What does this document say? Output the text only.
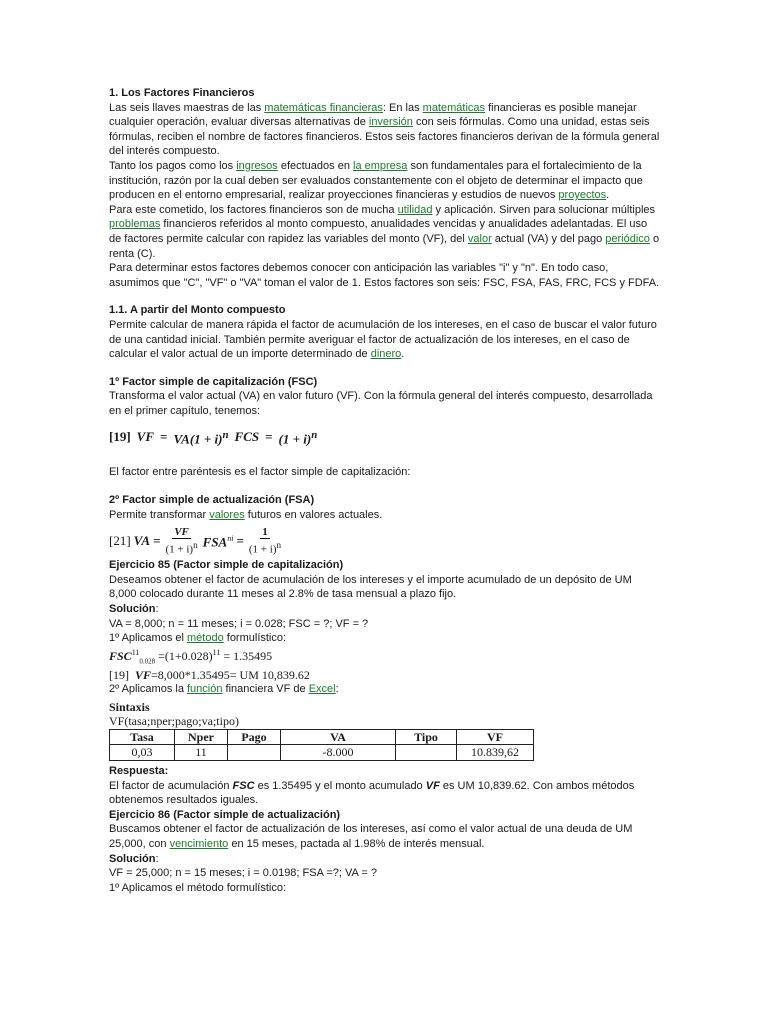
1. Los Factores Financieros

Las seis llaves maestras de las matemáticas financieras: En las matemáticas financieras es posible manejar cualquier operación, evaluar diversas alternativas de inversión con seis fórmulas. Como una unidad, estas seis fórmulas, reciben el nombre de factores financieros. Estos seis factores financieros derivan de la fórmula general del interés compuesto.

Tanto los pagos como los ingresos efectuados en la empresa son fundamentales para el fortalecimiento de la institución, razón por la cual deben ser evaluados constantemente con el objeto de determinar el impacto que producen en el entorno empresarial, realizar proyecciones financieras y estudios de nuevos proyectos.

Para este cometido, los factores financieros son de mucha utilidad y aplicación. Sirven para solucionar múltiples problemas financieros referidos al monto compuesto, anualidades vencidas y anualidades adelantadas. El uso de factores permite calcular con rapidez las variables del monto (VF), del valor actual (VA) y del pago periódico o renta (C).

Para determinar estos factores debemos conocer con anticipación las variables "i" y "n". En todo caso, asumimos que "C", "VF" o "VA" toman el valor de 1. Estos factores son seis: FSC, FSA, FAS, FRC, FCS y FDFA.

1.1. A partir del Monto compuesto

Permite calcular de manera rápida el factor de acumulación de los intereses, en el caso de buscar el valor futuro de una cantidad inicial. También permite averiguar el factor de actualización de los intereses, en el caso de calcular el valor actual de un importe determinado de dinero.

1º Factor simple de capitalización (FSC)

Transforma el valor actual (VA) en valor futuro (VF). Con la fórmula general del interés compuesto, desarrollada en el primer capítulo, tenemos:

[19] VF = $VA(1 + i)^n$ FCS = $(1 + i)^n$

El factor entre paréntesis es el factor simple de capitalización:

2º Factor simple de actualización (FSA)

Permite transformar valores futuros en valores actuales.

[21] VA = $\frac{VF}{(1 + i)^n} FSA^n_i = \frac{1}{(1 + i)^n}$

Ejercicio 85 (Factor simple de capitalización)

Deseamos obtener el factor de acumulación de los intereses y el importe acumulado de un depósito de UM 8,000 colocado durante 11 meses al 2.8% de tasa mensual a plazo fijo.

Solución:

VA = 8,000; n = 11 meses; i = 0.028; FSC = ?; VF = ?

1º Aplicamos el método formulístico:

$FSC^{11}_{0.028} =(1+0.028)^{11} = 1.35495$
[19] VF=8,000*1.35495= UM 10,839.62

2º Aplicamos la función financiera VF de Excel:

Sintaxis
VF(tasa;nper;pago;va;tipo)
Tasa	Nper	Pago	VA	Tipo	VF
0,03	11		-8.000		10.839,62

Respuesta:

El factor de acumulación FSC es 1.35495 y el monto acumulado VF es UM 10,839.62. Con ambos métodos obtenemos resultados iguales.

Ejercicio 86 (Factor simple de actualización)

Buscamos obtener el factor de actualización de los intereses, así como el valor actual de una deuda de UM 25,000, con vencimiento en 15 meses, pactada al 1.98% de interés mensual.

Solución:

VF = 25,000; n = 15 meses; i = 0.0198; FSA =?; VA = ?

1º Aplicamos el método formulístico:
